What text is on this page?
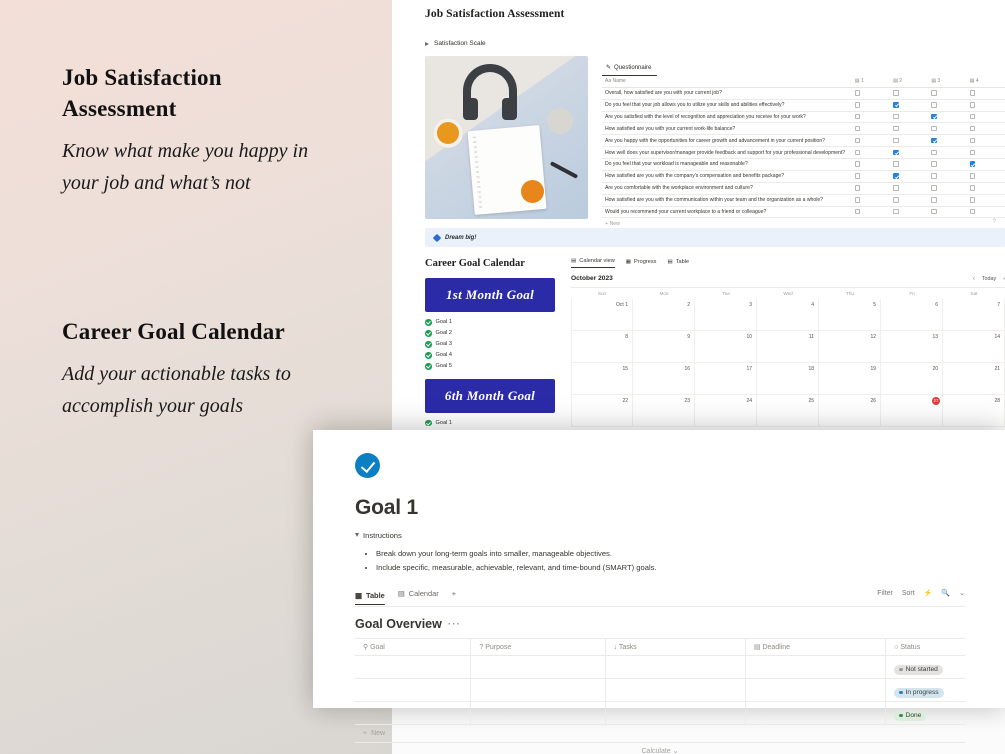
Job Satisfaction Assessment
Know what make you happy in your job and what’s not
Career Goal Calendar
Add your actionable tasks to accomplish your goals
Job Satisfaction Assessment
Satisfaction Scale
✎ Questionnaire
Aa Name	▤ 1	▤ 2	▤ 3	▤ 4
Overall, how satisfied are you with your current job?				
Do you feel that your job allows you to utilize your skills and abilities effectively?				
Are you satisfied with the level of recognition and appreciation you receive for your work?				
How satisfied are you with your current work-life balance?				
Are you happy with the opportunities for career growth and advancement in your current position?				
How well does your supervisor/manager provide feedback and support for your professional development?				
Do you feel that your workload is manageable and reasonable?				
How satisfied are you with the company's compensation and benefits package?				
Are you comfortable with the workplace environment and culture?				
How satisfied are you with the communication within your team and the organization as a whole?				
Would you recommend your current workplace to a friend or colleague?				
+ New
Dream big!
Career Goal Calendar
1st Month Goal
Goal 1
Goal 2
Goal 3
Goal 4
Goal 5
6th Month Goal
Goal 1
▤ Calendar view ▦ Progress ▤ Table
October 2023	‹ Today ›
Sun	Mon	Tue	Wed	Thu	Fri	Sat
Oct 1	2	3	4	5	6	7
8	9	10	11	12	13	14
15	16	17	18	19	20	21
22	23	24	25	26	27	28
?
Goal 1
Instructions
• Break down your long-term goals into smaller, manageable objectives.
• Include specific, measurable, achievable, relevant, and time-bound (SMART) goals.
▦ Table ▤ Calendar +	Filter Sort ⚡ 🔍 ⌄
Goal Overview ···
⚲ Goal	? Purpose	↓ Tasks	▤ Deadline	○ Status
				Not started
				In progress
				Done
+ New
Calculate ⌄
